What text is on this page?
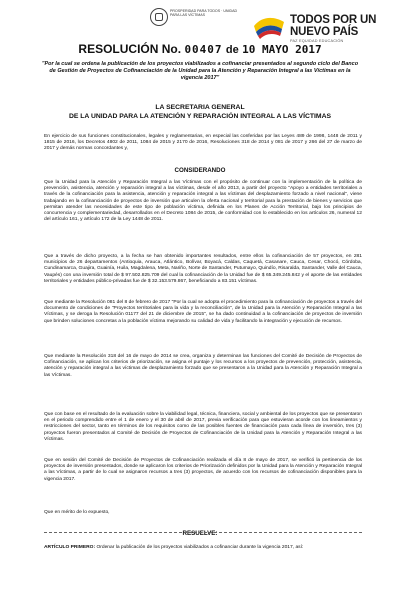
PROSPERIDAD PARA TODOS · UNIDAD PARA LAS VÍCTIMAS	TODOS POR UN
NUEVO PAÍS
PAZ EQUIDAD EDUCACIÓN
RESOLUCIÓN No. 00407 de 10 MAYO 2017
"Por la cual se ordena la publicación de los proyectos viabilizados a cofinanciar presentados al segundo ciclo del Banco de Gestión de Proyectos de Cofinanciación de la Unidad para la Atención y Reparación Integral a las Víctimas en la vigencia 2017"
LA SECRETARIA GENERAL
DE LA UNIDAD PARA LA ATENCIÓN Y REPARACIÓN INTEGRAL A LAS VÍCTIMAS

En ejercicio de sus funciones constitucionales, legales y reglamentarias, en especial las conferidas por las Leyes 489 de 1998, 1448 de 2011 y 1815 de 2016, los Decretos 4802 de 2011, 1084 de 2015 y 2170 de 2016, Resoluciones 318 de 2014 y 081 de 2017 y 266 del 27 de marzo de 2017 y demás normas concordantes y,

CONSIDERANDO

Que la Unidad para la Atención y Reparación Integral a las Víctimas con el propósito de continuar con la implementación de la política de prevención, asistencia, atención y reparación integral a las víctimas, desde el año 2013, a partir del proyecto "Apoyo a entidades territoriales a través de la cofinanciación para la asistencia, atención y reparación integral a las víctimas del desplazamiento forzado a nivel nacional", viene trabajando en la cofinanciación de proyectos de inversión que articulen la oferta nacional y territorial para la prestación de bienes y servicios que permitan atender las necesidades de este tipo de población víctima, definida en los Planes de Acción Territorial, bajo los principios de concurrencia y complementariedad, desarrollados en el Decreto 1084 de 2015, de conformidad con lo establecido en los artículos 26, numeral 12 del artículo 161, y artículo 172 de la Ley 1448 de 2011.

Que a través de dicho proyecto, a la fecha se han obtenido importantes resultados, entre ellos la cofinanciación de 57 proyectos, en 281 municipios de 26 departamentos (Antioquia, Arauca, Atlántico, Bolívar, Boyacá, Caldas, Caquetá, Casanare, Cauca, Cesar, Chocó, Córdoba, Cundinamarca, Guajira, Guainía, Huila, Magdalena, Meta, Nariño, Norte de Santander, Putumayo, Quindío, Risaralda, Santander, Valle del Cauca, Vaupés) con una inversión total de $ 97.502.825.709 del cual la cofinanciación de la Unidad fue de $ 65.349.245.842 y el aporte de las entidades territoriales y entidades público-privadas fue de $ 32.153.579.867, beneficiando a 83.151 víctimas.

Que mediante la Resolución 081 del 8 de febrero de 2017 "Por la cual se adopta el procedimiento para la cofinanciación de proyectos a través del documento de condiciones de "Proyectos territoriales para la vida y la reconciliación", de la Unidad para la Atención y Reparación Integral a las Víctimas, y se deroga la Resolución 01177 del 21 de diciembre de 2015", se ha dado continuidad a la cofinanciación de proyectos de inversión que brinden soluciones concretas a la población víctima mejorando su calidad de vida y facilitando la integración y ejecución de recursos.

Que mediante la Resolución 318 del 16 de mayo de 2014 se crea, organiza y determinan las funciones del Comité de Decisión de Proyectos de Cofinanciación, se aplican los criterios de priorización, se asigna el puntaje y los recursos a los proyectos de prevención, protección, asistencia, atención y reparación integral a las víctimas de desplazamiento forzado que se presentaron a la Unidad para la Atención y Reparación Integral a las Víctimas.

Que con base en el resultado de la evaluación sobre la viabilidad legal, técnica, financiera, social y ambiental de los proyectos que se presentaron en el periodo comprendido entre el 1 de enero y el 30 de abril de 2017, previa verificación para que estuvieran acorde con los lineamientos y restricciones del sector, tanto en términos de los requisitos como de las posibles fuentes de financiación para cada línea de inversión, tres (3) proyectos fueron presentados al Comité de Decisión de Proyectos de Cofinanciación de la Unidad para la Atención y Reparación Integral a las Víctimas.

Que en sesión del Comité de Decisión de Proyectos de Cofinanciación realizada el día 8 de mayo de 2017, se verificó la pertinencia de los proyectos de inversión presentados, donde se aplicaron los criterios de Priorización definidos por la Unidad para la Atención y Reparación Integral a las Víctimas, a partir de lo cual se asignaron recursos a tres (3) proyectos, de acuerdo con los recursos de cofinanciación disponibles para la vigencia 2017.

Que en mérito de lo expuesto,

RESUELVE:

ARTÍCULO PRIMERO: Ordenar la publicación de los proyectos viabilizados a cofinanciar durante la vigencia 2017, así:
